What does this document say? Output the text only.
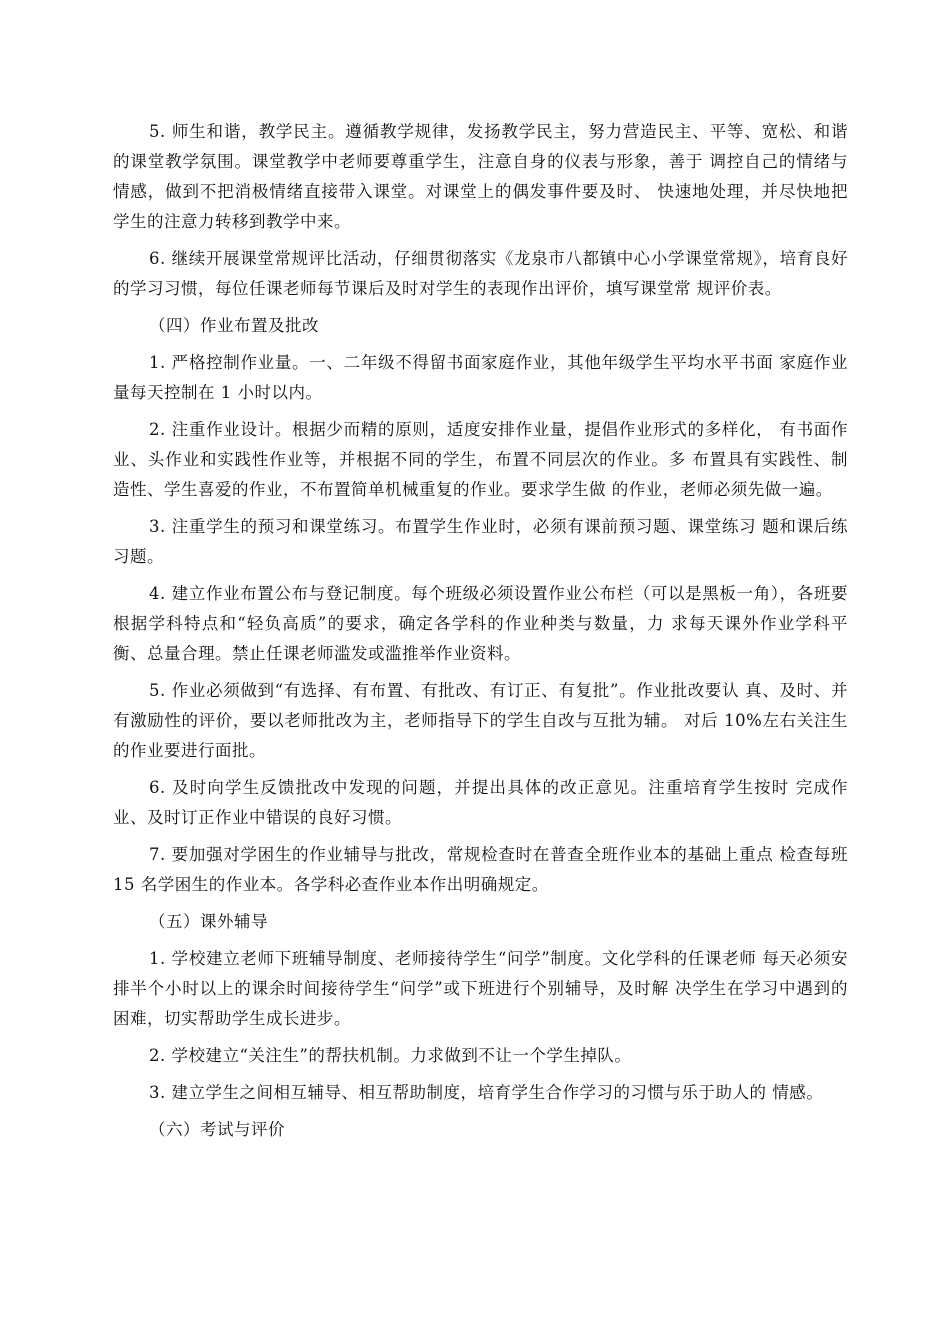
5. 师生和谐，教学民主。遵循教学规律，发扬教学民主，努力营造民主、平等、宽松、和谐的课堂教学氛围。课堂教学中老师要尊重学生，注意自身的仪表与形象，善于 调控自己的情绪与情感，做到不把消极情绪直接带入课堂。对课堂上的偶发事件要及时、 快速地处理，并尽快地把学生的注意力转移到教学中来。

6. 继续开展课堂常规评比活动，仔细贯彻落实《龙泉市八都镇中心小学课堂常规》，培育良好的学习习惯，每位任课老师每节课后及时对学生的表现作出评价，填写课堂常 规评价表。

（四）作业布置及批改

1. 严格控制作业量。一、二年级不得留书面家庭作业，其他年级学生平均水平书面 家庭作业量每天控制在 1 小时以内。

2. 注重作业设计。根据少而精的原则，适度安排作业量，提倡作业形式的多样化， 有书面作业、头作业和实践性作业等，并根据不同的学生，布置不同层次的作业。多 布置具有实践性、制造性、学生喜爱的作业，不布置简单机械重复的作业。要求学生做 的作业，老师必须先做一遍。

3. 注重学生的预习和课堂练习。布置学生作业时，必须有课前预习题、课堂练习 题和课后练习题。

4. 建立作业布置公布与登记制度。每个班级必须设置作业公布栏（可以是黑板一角），各班要根据学科特点和“轻负高质”的要求，确定各学科的作业种类与数量，力 求每天课外作业学科平衡、总量合理。禁止任课老师滥发或滥推举作业资料。

5. 作业必须做到“有选择、有布置、有批改、有订正、有复批”。作业批改要认 真、及时、并有激励性的评价，要以老师批改为主，老师指导下的学生自改与互批为辅。 对后 10%左右关注生的作业要进行面批。

6. 及时向学生反馈批改中发现的问题，并提出具体的改正意见。注重培育学生按时 完成作业、及时订正作业中错误的良好习惯。

7. 要加强对学困生的作业辅导与批改，常规检查时在普查全班作业本的基础上重点 检查每班 15 名学困生的作业本。各学科必查作业本作出明确规定。

（五）课外辅导

1. 学校建立老师下班辅导制度、老师接待学生“问学”制度。文化学科的任课老师 每天必须安排半个小时以上的课余时间接待学生“问学”或下班进行个别辅导，及时解 决学生在学习中遇到的困难，切实帮助学生成长进步。

2. 学校建立“关注生”的帮扶机制。力求做到不让一个学生掉队。

3. 建立学生之间相互辅导、相互帮助制度，培育学生合作学习的习惯与乐于助人的 情感。

（六）考试与评价
